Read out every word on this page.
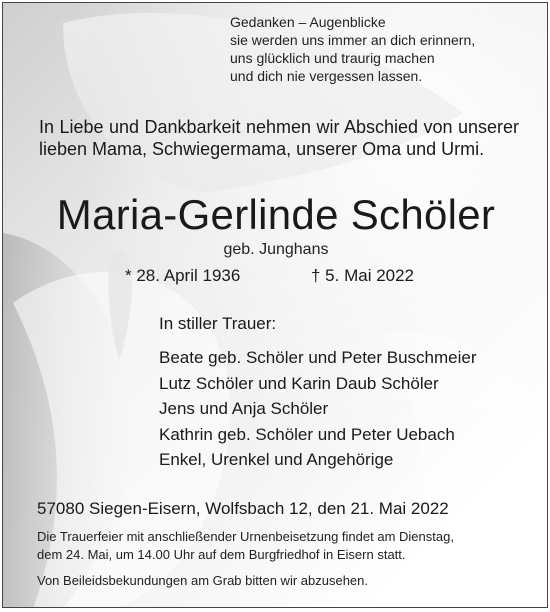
Gedanken – Augenblicke
sie werden uns immer an dich erinnern,
uns glücklich und traurig machen
und dich nie vergessen lassen.
In Liebe und Dankbarkeit nehmen wir Abschied von unserer lieben Mama, Schwiegermama, unserer Oma und Urmi.
Maria-Gerlinde Schöler
geb. Junghans
* 28. April 1936	† 5. Mai 2022
In stiller Trauer:
Beate geb. Schöler und Peter Buschmeier
Lutz Schöler und Karin Daub Schöler
Jens und Anja Schöler
Kathrin geb. Schöler und Peter Uebach
Enkel, Urenkel und Angehörige
57080 Siegen-Eisern, Wolfsbach 12, den 21. Mai 2022
Die Trauerfeier mit anschließender Urnenbeisetzung findet am Dienstag,
dem 24. Mai, um 14.00 Uhr auf dem Burgfriedhof in Eisern statt.
Von Beileidsbekundungen am Grab bitten wir abzusehen.
